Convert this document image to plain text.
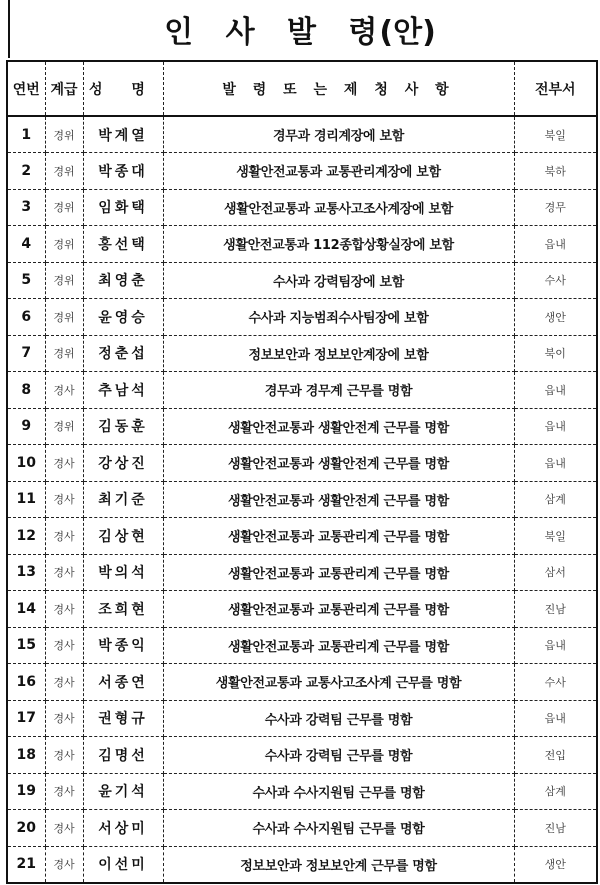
인 사 발 령(안)
연번	계급	성 명	발 령 또 는 제 청 사 항	전부서
1	경위	박계열	경무과 경리계장에 보함	북일
2	경위	박종대	생활안전교통과 교통관리계장에 보함	북하
3	경위	임화택	생활안전교통과 교통사고조사계장에 보함	경무
4	경위	홍선택	생활안전교통과 112종합상황실장에 보함	읍내
5	경위	최영춘	수사과 강력팀장에 보함	수사
6	경위	윤영승	수사과 지능범죄수사팀장에 보함	생안
7	경위	정춘섭	정보보안과 정보보안계장에 보함	북이
8	경사	추남석	경무과 경무계 근무를 명함	읍내
9	경위	김동훈	생활안전교통과 생활안전계 근무를 명함	읍내
10	경사	강상진	생활안전교통과 생활안전계 근무를 명함	읍내
11	경사	최기준	생활안전교통과 생활안전계 근무를 명함	삼계
12	경사	김상현	생활안전교통과 교통관리계 근무를 명함	북일
13	경사	박의석	생활안전교통과 교통관리계 근무를 명함	삼서
14	경사	조희현	생활안전교통과 교통관리계 근무를 명함	진남
15	경사	박종익	생활안전교통과 교통관리계 근무를 명함	읍내
16	경사	서종연	생활안전교통과 교통사고조사계 근무를 명함	수사
17	경사	권형규	수사과 강력팀 근무를 명함	읍내
18	경사	김명선	수사과 강력팀 근무를 명함	전입
19	경사	윤기석	수사과 수사지원팀 근무를 명함	삼계
20	경사	서상미	수사과 수사지원팀 근무를 명함	진남
21	경사	이선미	정보보안과 정보보안계 근무를 명함	생안
